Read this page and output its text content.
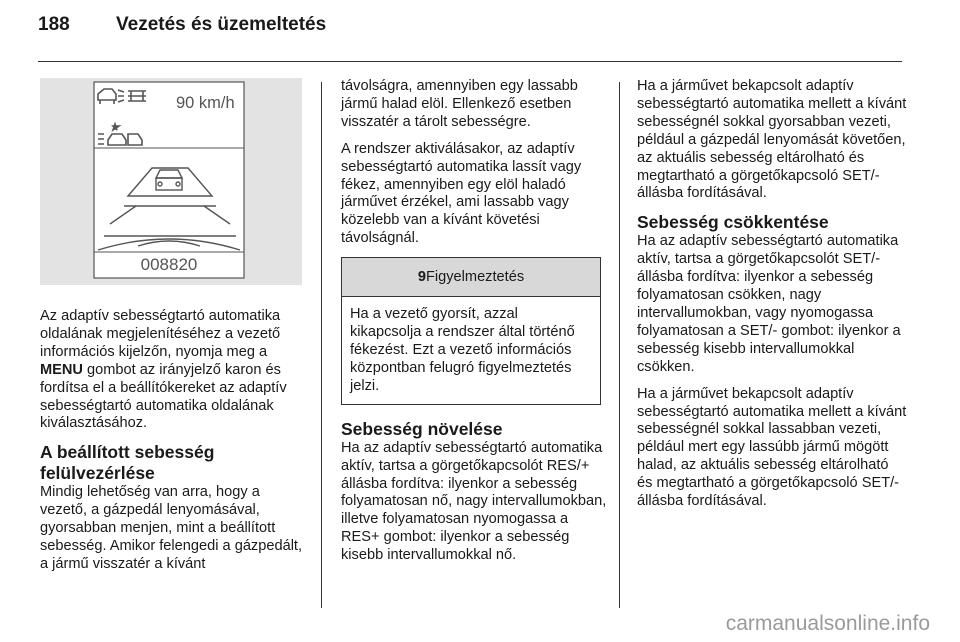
188 Vezetés és üzemeltetés
90 km/h
008820

Az adaptív sebességtartó automatika oldalának megjelenítéséhez a vezető információs kijelzőn, nyomja meg a MENU gombot az irányjelző karon és fordítsa el a beállítókereket az adaptív sebességtartó automatika oldalának kiválasztásához.

A beállított sebesség felülvezérlése

Mindig lehetőség van arra, hogy a vezető, a gázpedál lenyomásával, gyorsabban menjen, mint a beállított sebesség. Amikor felengedi a gázpedált, a jármű visszatér a kívánt

távolságra, amennyiben egy lassabb jármű halad elöl. Ellenkező esetben visszatér a tárolt sebességre.

A rendszer aktiválásakor, az adaptív sebességtartó automatika lassít vagy fékez, amennyiben egy elöl haladó járművet érzékel, ami lassabb vagy közelebb van a kívánt követési távolságnál.

9Figyelmeztetés
Ha a vezető gyorsít, azzal kikapcsolja a rendszer által történő fékezést. Ezt a vezető információs központban felugró figyelmeztetés jelzi.
Sebesség növelése

Ha az adaptív sebességtartó automatika aktív, tartsa a görgetőkapcsolót RES/+ állásba fordítva: ilyenkor a sebesség folyamatosan nő, nagy intervallumokban, illetve folyamatosan nyomogassa a RES+ gombot: ilyenkor a sebesség kisebb intervallumokkal nő.

Ha a járművet bekapcsolt adaptív sebességtartó automatika mellett a kívánt sebességnél sokkal gyorsabban vezeti, például a gázpedál lenyomását követően, az aktuális sebesség eltárolható és megtartható a görgetőkapcsoló SET/- állásba fordításával.

Sebesség csökkentése

Ha az adaptív sebességtartó automatika aktív, tartsa a görgetőkapcsolót SET/- állásba fordítva: ilyenkor a sebesség folyamatosan csökken, nagy intervallumokban, vagy nyomogassa folyamatosan a SET/- gombot: ilyenkor a sebesség kisebb intervallumokkal csökken.

Ha a járművet bekapcsolt adaptív sebességtartó automatika mellett a kívánt sebességnél sokkal lassabban vezeti, például mert egy lassúbb jármű mögött halad, az aktuális sebesség eltárolható és megtartható a görgetőkapcsoló SET/- állásba fordításával.

carmanualsonline.info
